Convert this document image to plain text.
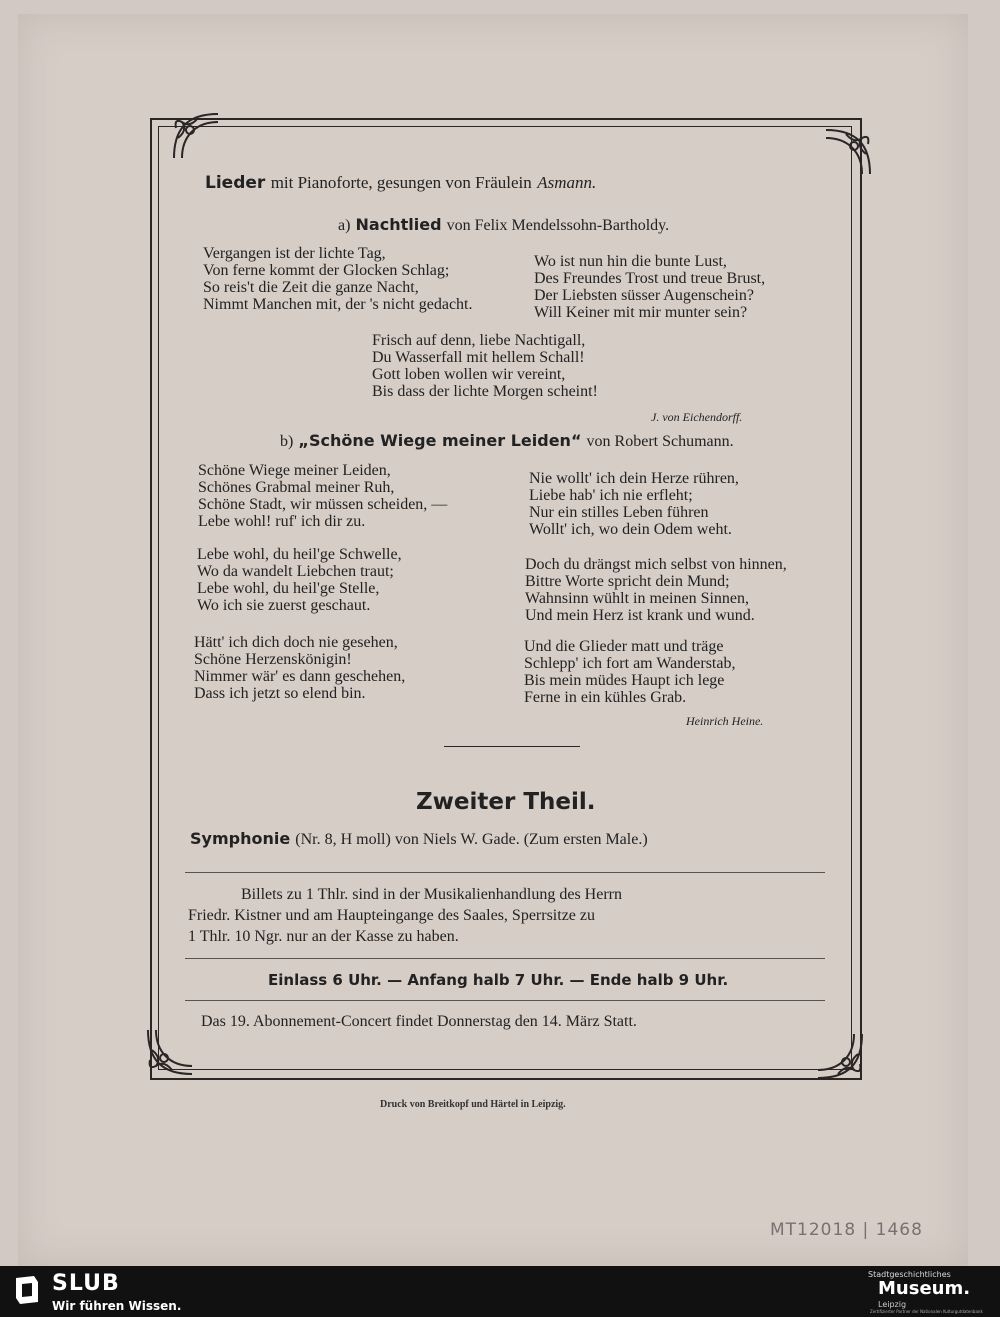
Lieder mit Pianoforte, gesungen von Fräulein Asmann.
a) Nachtlied von Felix Mendelssohn-Bartholdy.
Vergangen ist der lichte Tag,
Von ferne kommt der Glocken Schlag;
So reis't die Zeit die ganze Nacht,
Nimmt Manchen mit, der 's nicht gedacht.
Wo ist nun hin die bunte Lust,
Des Freundes Trost und treue Brust,
Der Liebsten süsser Augenschein?
Will Keiner mit mir munter sein?
Frisch auf denn, liebe Nachtigall,
Du Wasserfall mit hellem Schall!
Gott loben wollen wir vereint,
Bis dass der lichte Morgen scheint!
J. von Eichendorff.
b) „Schöne Wiege meiner Leiden“ von Robert Schumann.
Schöne Wiege meiner Leiden,
Schönes Grabmal meiner Ruh,
Schöne Stadt, wir müssen scheiden, —
Lebe wohl! ruf' ich dir zu.
Lebe wohl, du heil'ge Schwelle,
Wo da wandelt Liebchen traut;
Lebe wohl, du heil'ge Stelle,
Wo ich sie zuerst geschaut.
Hätt' ich dich doch nie gesehen,
Schöne Herzenskönigin!
Nimmer wär' es dann geschehen,
Dass ich jetzt so elend bin.
Nie wollt' ich dein Herze rühren,
Liebe hab' ich nie erfleht;
Nur ein stilles Leben führen
Wollt' ich, wo dein Odem weht.
Doch du drängst mich selbst von hinnen,
Bittre Worte spricht dein Mund;
Wahnsinn wühlt in meinen Sinnen,
Und mein Herz ist krank und wund.
Und die Glieder matt und träge
Schlepp' ich fort am Wanderstab,
Bis mein müdes Haupt ich lege
Ferne in ein kühles Grab.
Heinrich Heine.
Zweiter Theil.
Symphonie (Nr. 8, H moll) von Niels W. Gade. (Zum ersten Male.)
Billets zu 1 Thlr. sind in der Musikalienhandlung des Herrn
Friedr. Kistner und am Haupteingange des Saales, Sperrsitze zu
1 Thlr. 10 Ngr. nur an der Kasse zu haben.
Einlass 6 Uhr. — Anfang halb 7 Uhr. — Ende halb 9 Uhr.
Das 19. Abonnement-Concert findet Donnerstag den 14. März Statt.
Druck von Breitkopf und Härtel in Leipzig.
MT12018 | 1468
SLUB
Wir führen Wissen.
Stadtgeschichtliches
Museum.
Leipzig
Zertifizierter Partner der Nationalen Kulturgutdatenbank
